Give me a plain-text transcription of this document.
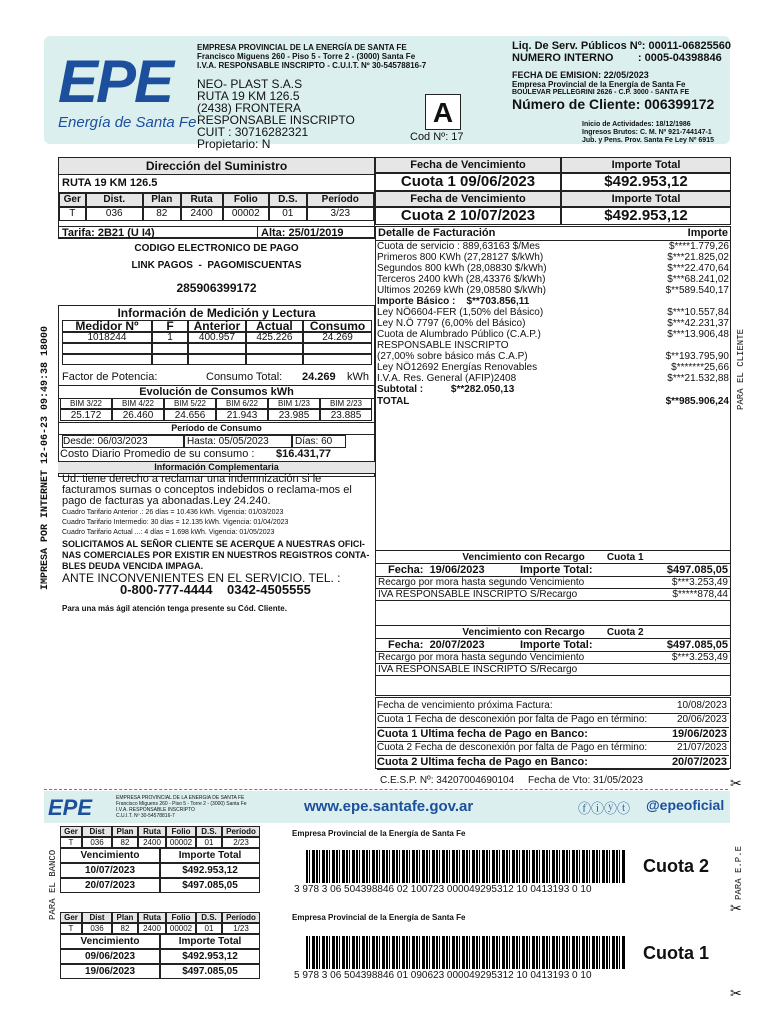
EPE
Energía de Santa Fe
EMPRESA PROVINCIAL DE LA ENERGÍA DE SANTA FE
Francisco Miguens 260 - Piso 5 - Torre 2 - (3000) Santa Fe
I.V.A. RESPONSABLE INSCRIPTO - C.U.I.T. Nº 30-54578816-7
NEO- PLAST S.A.S
RUTA 19 KM 126.5
(2438) FRONTERA
RESPONSABLE INSCRIPTO
CUIT : 30716282321
Propietario: N
A
Cod Nº: 17
Liq. De Serv. Públicos Nº: 00011-06825560
NUMERO INTERNO        : 0005-04398846
FECHA DE EMISION: 22/05/2023
Empresa Provincial de la Energía de Santa Fe
BOULEVAR PELLEGRINI 2626 - C.P. 3000 - SANTA FE
Número de Cliente: 006399172
Inicio de Actividades: 18/12/1986
Ingresos Brutos: C. M. Nº 921-744147-1
Jub. y Pens. Prov. Santa Fe Ley Nº 6915
IMPRESA POR INTERNET 12-06-23 09:49:38 18000	PARA EL CLIENTE
Dirección del Suministro
RUTA 19 KM 126.5
Ger	Dist.	Plan	Ruta	Folio	D.S.	Período
T	036	82	2400	00002	01	3/23
Tarifa: 2B21 (U I4)	Alta: 25/01/2019
CODIGO ELECTRONICO DE PAGO
LINK PAGOS  -  PAGOMISCUENTAS
285906399172
Fecha de Vencimiento	Importe Total
Cuota 1 09/06/2023	$492.953,12
Fecha de Vencimiento	Importe Total
Cuota 2 10/07/2023	$492.953,12
Detalle de Facturación	Importe
Cuota de servicio : 889,63163 $/Mes	$****1.779,26
Primeros 800 KWh (27,28127 $/kWh)	$***21.825,02
Segundos 800 kWh (28,08830 $/kWh)	$***22.470,64
Terceros 2400 kWh (28,43376 $/kWh)	$***68.241,02
Ultimos 20269 kWh (29,08580 $/kWh)	$**589.540,17
Importe Básico :    $**703.856,11
Ley NÖ6604-FER (1,50% del Básico)	$***10.557,84
Ley N.Ö 7797 (6,00% del Básico)	$***42.231,37
Cuota de Alumbrado Público (C.A.P.)	$***13.906,48
RESPONSABLE INSCRIPTO
(27,00% sobre básico más C.A.P)	$**193.795,90
Ley NÖ12692 Energías Renovables	$*******25,66
I.V.A. Res. General (AFIP)2408	$***21.532,88
Subtotal :          $**282.050,13
TOTAL	$**985.906,24
Información de Medición y Lectura
Medidor Nº	F	Anterior	Actual	Consumo
1018244	1	400.957	425.226	24.269
Factor de Potencia:	Consumo Total: 24.269 kWh
Evolución de Consumos kWh
BIM 3/22	BIM 4/22	BIM 5/22	BIM 6/22	BIM 1/23	BIM 2/23
25.172	26.460	24.656	21.943	23.985	23.885
Período de Consumo
Desde: 06/03/2023	Hasta: 05/05/2023	Días: 60
Costo Diario Promedio de su consumo : $16.431,77
Información Complementaria
Ud. tiene derecho a reclamar una indemnización si le facturamos sumas o conceptos indebidos o reclama-mos el pago de facturas ya abonadas.Ley 24.240.
Cuadro Tarifario Anterior .: 26 días = 10.436 kWh. Vigencia: 01/03/2023
Cuadro Tarifario Intermedio: 30 días = 12.135 kWh. Vigencia: 01/04/2023
Cuadro Tarifario Actual ...: 4 días = 1.698 kWh. Vigencia: 01/05/2023
SOLICITAMOS AL SEÑOR CLIENTE SE ACERQUE A NUESTRAS OFICI-NAS COMERCIALES POR EXISTIR EN NUESTROS REGISTROS CONTA-BLES DEUDA VENCIDA IMPAGA.
ANTE INCONVENIENTES EN EL SERVICIO. TEL. :
0-800-777-4444    0342-4505555
Para una más ágil atención tenga presente su Cód. Cliente.
Vencimiento con Recargo        Cuota 1
Fecha:  19/06/2023	Importe Total:	$497.085,05
Recargo por mora hasta segundo Vencimiento	$***3.253,49
IVA RESPONSABLE INSCRIPTO S/Recargo	$*****878,44
Vencimiento con Recargo        Cuota 2
Fecha:  20/07/2023	Importe Total:	$497.085,05
Recargo por mora hasta segundo Vencimiento	$***3.253,49
IVA RESPONSABLE INSCRIPTO S/Recargo
Fecha de vencimiento próxima Factura:	10/08/2023
Cuota 1 Fecha de desconexión por falta de Pago en término:	20/06/2023
Cuota 1 Ultima fecha de Pago en Banco:	19/06/2023
Cuota 2 Fecha de desconexión por falta de Pago en término:	21/07/2023
Cuota 2 Ultima fecha de Pago en Banco:	20/07/2023
C.E.S.P. Nº: 34207004690104     Fecha de Vto: 31/05/2023	✂
EPE	EMPRESA PROVINCIAL DE LA ENERGIA DE SANTA FE
Francisco Miguens 260 - Piso 5 - Torre 2 - (3000) Santa Fe
I.V.A. RESPONSABLE INSCRIPTO
C.U.I.T. Nº 30-54578816-7
www.epe.santafe.gov.ar	ⓕⓘⓨⓣ @epeoficial
PARA EL BANCO	PARA E.P.E
Ger	Dist	Plan	Ruta	Folio	D.S.	Período
T	036	82	2400	00002	01	2/23
Vencimiento	Importe Total
10/07/2023	$492.953,12
20/07/2023	$497.085,05
Ger	Dist	Plan	Ruta	Folio	D.S.	Período
T	036	82	2400	00002	01	1/23
Vencimiento	Importe Total
09/06/2023	$492.953,12
19/06/2023	$497.085,05
Empresa Provincial de la Energía de Santa Fe
3 978 3 06 504398846 02 100723 000049295312 10 0413193 0 10
Cuota 2
✂
Empresa Provincial de la Energía de Santa Fe
5 978 3 06 504398846 01 090623 000049295312 10 0413193 0 10
Cuota 1
✂
